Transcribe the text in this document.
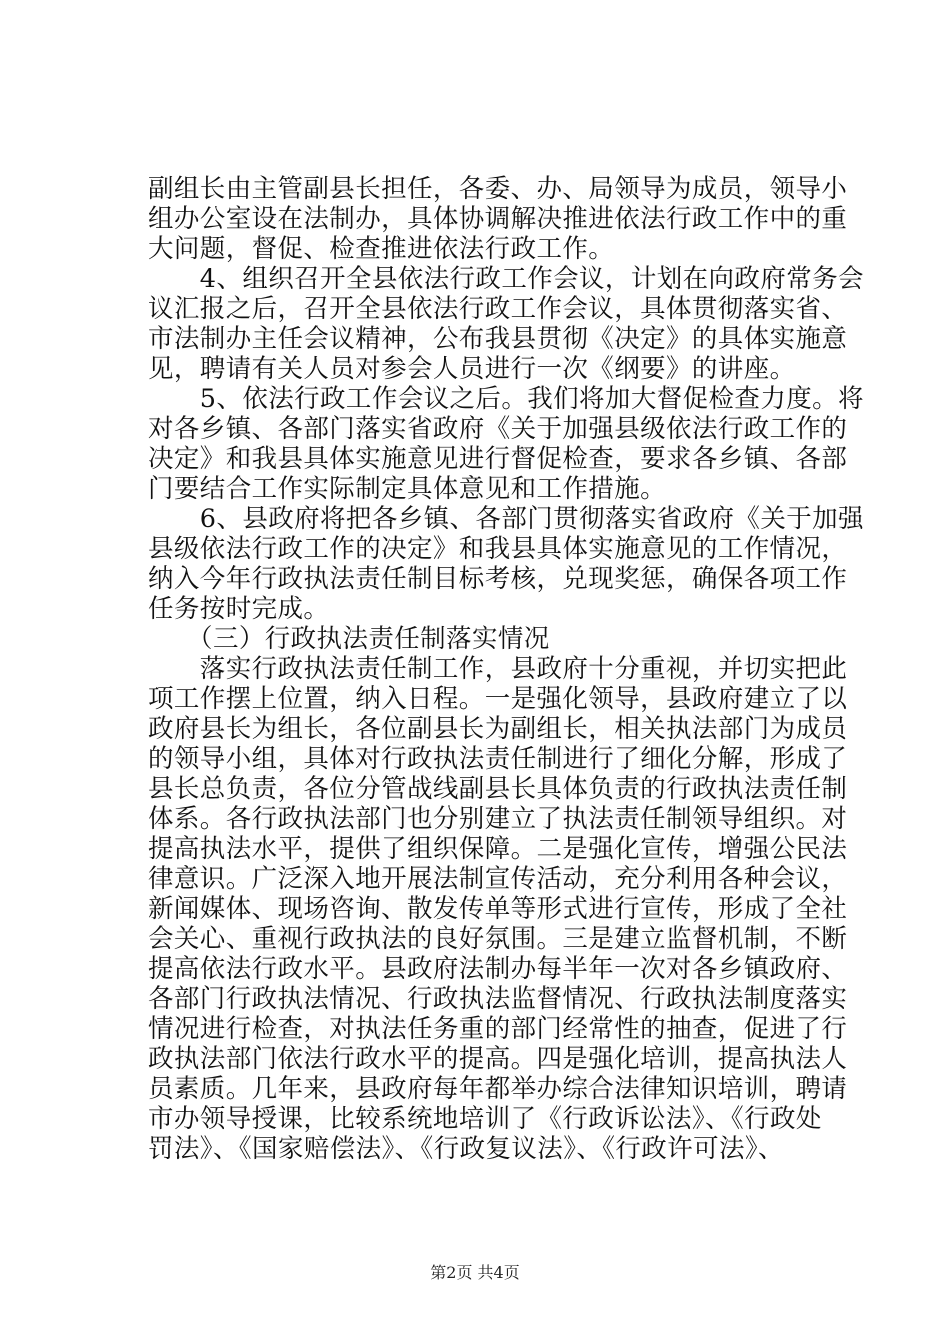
副组长由主管副县长担任，各委、办、局领导为成员，领导小
组办公室设在法制办，具体协调解决推进依法行政工作中的重
大问题，督促、检查推进依法行政工作。
　　4、组织召开全县依法行政工作会议，计划在向政府常务会
议汇报之后，召开全县依法行政工作会议，具体贯彻落实省、
市法制办主任会议精神，公布我县贯彻《决定》的具体实施意
见，聘请有关人员对参会人员进行一次《纲要》的讲座。
　　5、依法行政工作会议之后。我们将加大督促检查力度。将
对各乡镇、各部门落实省政府《关于加强县级依法行政工作的
决定》和我县具体实施意见进行督促检查，要求各乡镇、各部
门要结合工作实际制定具体意见和工作措施。
　　6、县政府将把各乡镇、各部门贯彻落实省政府《关于加强
县级依法行政工作的决定》和我县具体实施意见的工作情况，
纳入今年行政执法责任制目标考核，兑现奖惩，确保各项工作
任务按时完成。
　　（三）行政执法责任制落实情况
　　落实行政执法责任制工作，县政府十分重视，并切实把此
项工作摆上位置，纳入日程。一是强化领导，县政府建立了以
政府县长为组长，各位副县长为副组长，相关执法部门为成员
的领导小组，具体对行政执法责任制进行了细化分解，形成了
县长总负责，各位分管战线副县长具体负责的行政执法责任制
体系。各行政执法部门也分别建立了执法责任制领导组织。对
提高执法水平，提供了组织保障。二是强化宣传，增强公民法
律意识。广泛深入地开展法制宣传活动，充分利用各种会议，
新闻媒体、现场咨询、散发传单等形式进行宣传，形成了全社
会关心、重视行政执法的良好氛围。三是建立监督机制，不断
提高依法行政水平。县政府法制办每半年一次对各乡镇政府、
各部门行政执法情况、行政执法监督情况、行政执法制度落实
情况进行检查，对执法任务重的部门经常性的抽查，促进了行
政执法部门依法行政水平的提高。四是强化培训，提高执法人
员素质。几年来，县政府每年都举办综合法律知识培训，聘请
市办领导授课，比较系统地培训了《行政诉讼法》、《行政处
罚法》、《国家赔偿法》、《行政复议法》、《行政许可法》、
第2页 共4页
